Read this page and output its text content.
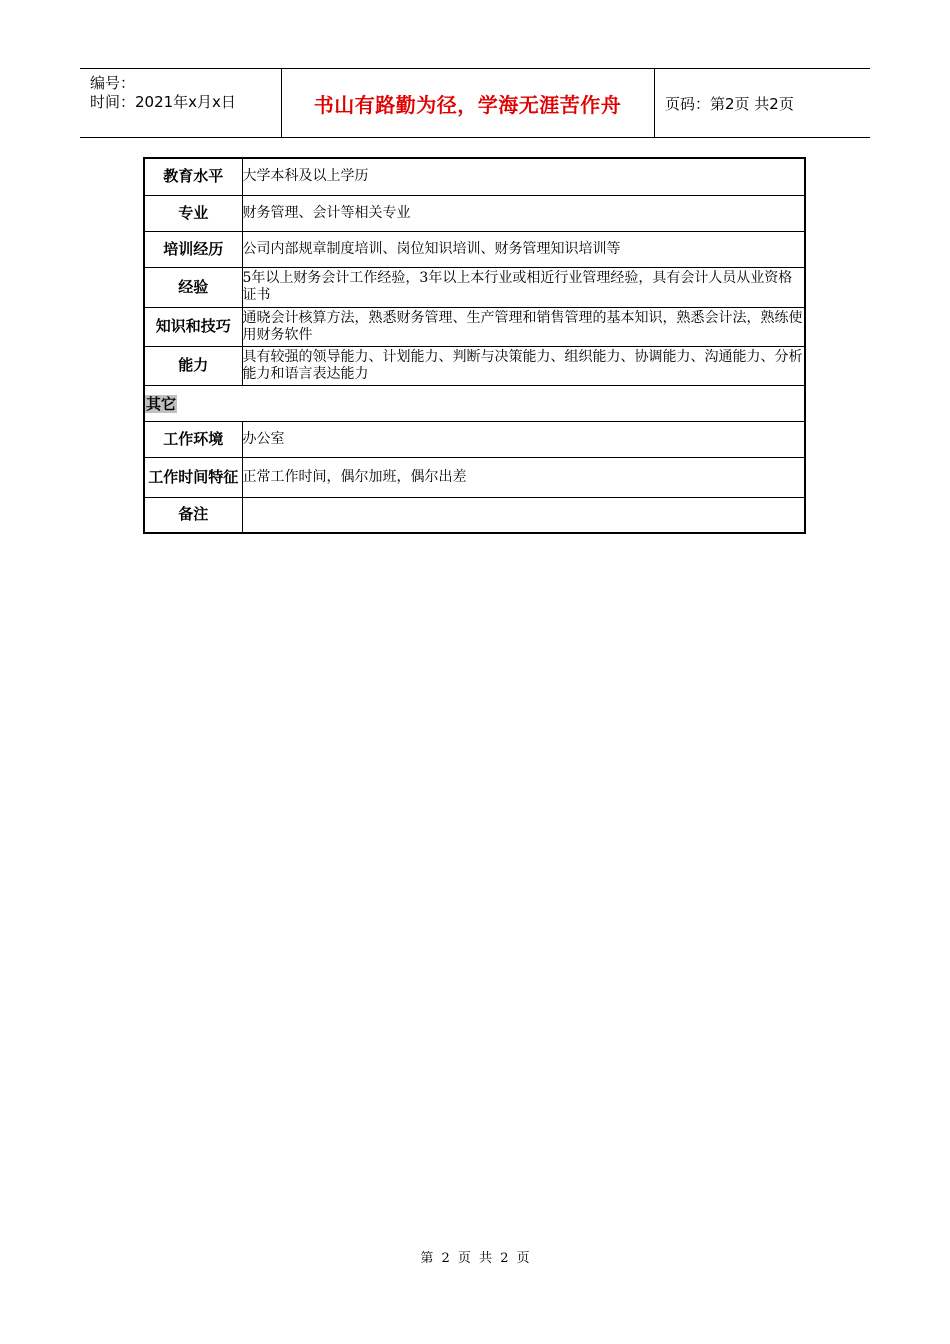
编号：
时间：2021年x月x日	书山有路勤为径，学海无涯苦作舟	页码：第2页 共2页
教育水平	大学本科及以上学历
专业	财务管理、会计等相关专业
培训经历	公司内部规章制度培训、岗位知识培训、财务管理知识培训等
经验	5年以上财务会计工作经验，3年以上本行业或相近行业管理经验，具有会计人员从业资格证书
知识和技巧	通晓会计核算方法，熟悉财务管理、生产管理和销售管理的基本知识，熟悉会计法，熟练使用财务软件
能力	具有较强的领导能力、计划能力、判断与决策能力、组织能力、协调能力、沟通能力、分析能力和语言表达能力
其它	
工作环境	办公室
工作时间特征	正常工作时间，偶尔加班，偶尔出差
备注	
第 2 页 共 2 页
